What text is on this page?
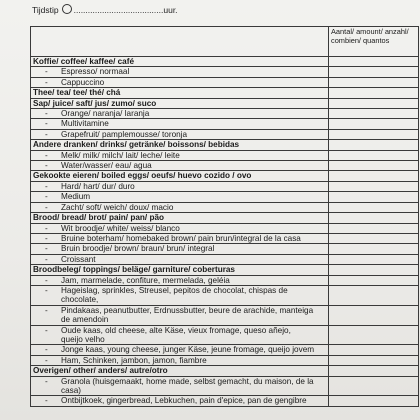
Tijdstip ......................................uur.
	Aantal/ amount/ anzahl/ combien/ quantos
Koffie/ coffee/ kaffee/ café	

- Espresso/ normaal	

- Cappuccino	

Thee/ tea/ tee/ thé/ chá	
Sap/ juice/ saft/ jus/ zumo/ suco	

- Orange/ naranja/ laranja	

- Multivitamine	

- Grapefruit/ pamplemousse/ toronja	

Andere dranken/ drinks/ getränke/ boissons/ bebidas	

- Melk/ milk/ milch/ lait/ leche/ leite	

- Water/wasser/ eau/ agua	

Gekookte eieren/ boiled eggs/ oeufs/ huevo cozido / ovo	

- Hard/ hart/ dur/ duro	

- Medium	

- Zacht/ soft/ weich/ doux/ macio	

Brood/ bread/ brot/ pain/ pan/ pão	

- Wit broodje/ white/ weiss/ blanco	

- Bruine boterham/ homebaked brown/ pain brun/integral de la casa	

- Bruin broodje/ brown/ braun/ brun/ integral	

- Croissant	

Broodbeleg/ toppings/ beläge/ garniture/ coberturas	

- Jam, marmelade, confiture, mermelada, geléia	

- Hageislag, sprinkles, Streusel, pepitos de chocolat, chispas de
chocolate,	

- Pindakaas, peanutbutter, Erdnussbutter, beure de arachide, manteiga
de amendoin	

- Oude kaas, old cheese, alte Käse, vieux fromage, queso añejo,
queijo velho	

- Jonge kaas, young cheese, junger Käse, jeune fromage, queijo jovem	

- Ham, Schinken, jambon, jamon, fiambre	

Overigen/ other/ anders/ autre/otro	

- Granola (huisgemaakt, home made, selbst gemacht, du maison, de la
casa)	

- Ontbijtkoek, gingerbread, Lebkuchen, pain d'epice, pan de gengibre	
